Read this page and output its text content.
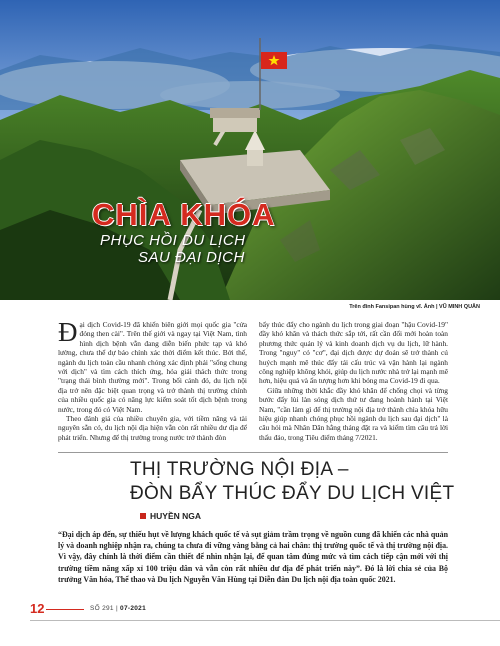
CHÌA KHÓA
PHỤC HỒI DU LỊCH
SAU ĐẠI DỊCH
Trên đỉnh Fansipan hùng vĩ. Ảnh | VŨ MINH QUÂN

Đại dịch Covid-19 đã khiến biên giới mọi quốc gia "cửa đóng then cài". Trên thế giới và ngay tại Việt Nam, tình hình dịch bệnh vẫn đang diễn biến phức tạp và khó lường, chưa thể dự báo chính xác thời điểm kết thúc. Bởi thế, ngành du lịch toàn cầu nhanh chóng xác định phải "sống chung với dịch" và tìm cách thích ứng, hóa giải thách thức trong "trạng thái bình thường mới". Trong bối cảnh đó, du lịch nội địa trở nên đặc biệt quan trọng và trở thành thị trường chính của nhiều quốc gia có năng lực kiểm soát tốt dịch bệnh trong nước, trong đó có Việt Nam.

Theo đánh giá của nhiều chuyên gia, với tiềm năng và tài nguyên sẵn có, du lịch nội địa hiện vẫn còn rất nhiều dư địa để phát triển. Nhưng để thị trường trong nước trở thành đòn

bẩy thúc đẩy cho ngành du lịch trong giai đoạn "hậu Covid-19" đầy khó khăn và thách thức sắp tới, rất cần đổi mới hoàn toàn phương thức quản lý và kinh doanh dịch vụ du lịch, lữ hành. Trong "nguy" có "cơ", đại dịch được dự đoán sẽ trở thành cú huých mạnh mẽ thúc đẩy tái cấu trúc và vận hành lại ngành công nghiệp không khói, giúp du lịch nước nhà trở lại mạnh mẽ hơn, hiệu quả và ấn tượng hơn khi bóng ma Covid-19 đi qua.

Giữa những thời khắc đầy khó khăn để chống chọi và từng bước đẩy lùi làn sóng dịch thứ tư đang hoành hành tại Việt Nam, "cần làm gì để thị trường nội địa trở thành chìa khóa hữu hiệu giúp nhanh chóng phục hồi ngành du lịch sau đại dịch" là câu hỏi mà Nhân Dân hằng tháng đặt ra và kiếm tìm câu trả lời thấu đáo, trong Tiêu điểm tháng 7/2021.

THỊ TRƯỜNG NỘI ĐỊA –
ĐÒN BẨY THÚC ĐẨY DU LỊCH VIỆT
HUYỀN NGA
“Đại dịch áp đến, sự thiếu hụt về lượng khách quốc tế và sụt giảm trầm trọng về nguồn cung đã khiến các nhà quản lý và doanh nghiệp nhận ra, chúng ta chưa đi vững vàng bằng cả hai chân: thị trường quốc tế và thị trường nội địa. Vì vậy, đây chính là thời điểm cần thiết để nhìn nhận lại, để quan tâm đúng mức và tìm cách tiếp cận mới với thị trường tiềm năng xấp xỉ 100 triệu dân và vẫn còn rất nhiều dư địa để phát triển này”. Đó là lời chia sẻ của Bộ trưởng Văn hóa, Thể thao và Du lịch Nguyễn Văn Hùng tại Diễn đàn Du lịch nội địa toàn quốc 2021.
12	SỐ 291 | 07-2021
